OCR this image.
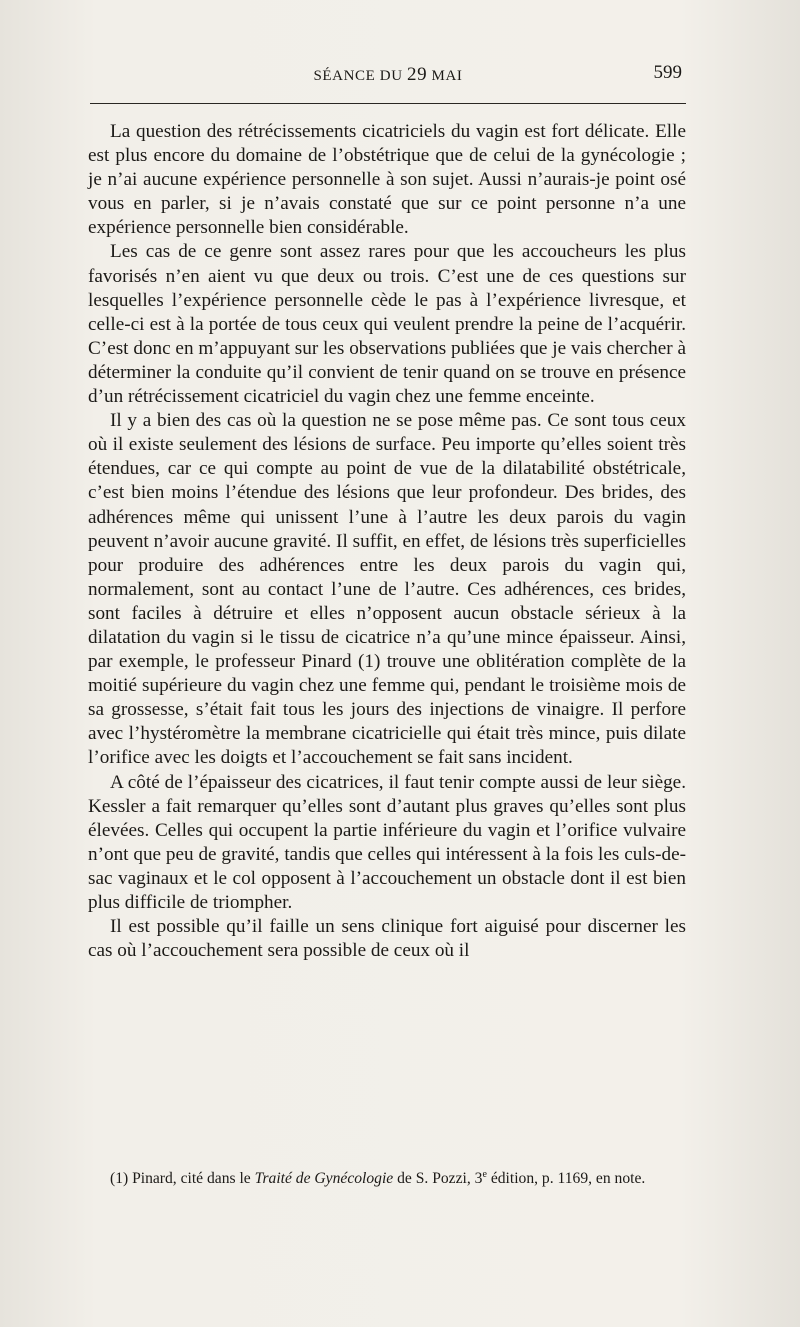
SÉANCE DU 29 MAI	599

La question des rétrécissements cicatriciels du vagin est fort délicate. Elle est plus encore du domaine de l’obstétrique que de celui de la gynécologie ; je n’ai aucune expérience personnelle à son sujet. Aussi n’aurais-je point osé vous en parler, si je n’avais constaté que sur ce point personne n’a une expérience personnelle bien considérable.

Les cas de ce genre sont assez rares pour que les accoucheurs les plus favorisés n’en aient vu que deux ou trois. C’est une de ces questions sur lesquelles l’expérience personnelle cède le pas à l’expérience livresque, et celle-ci est à la portée de tous ceux qui veulent prendre la peine de l’acquérir. C’est donc en m’appuyant sur les observations publiées que je vais chercher à déterminer la conduite qu’il convient de tenir quand on se trouve en présence d’un rétrécissement cicatriciel du vagin chez une femme enceinte.

Il y a bien des cas où la question ne se pose même pas. Ce sont tous ceux où il existe seulement des lésions de surface. Peu importe qu’elles soient très étendues, car ce qui compte au point de vue de la dilatabilité obstétricale, c’est bien moins l’étendue des lésions que leur profondeur. Des brides, des adhérences même qui unissent l’une à l’autre les deux parois du vagin peuvent n’avoir aucune gravité. Il suffit, en effet, de lésions très superficielles pour produire des adhérences entre les deux parois du vagin qui, normalement, sont au contact l’une de l’autre. Ces adhérences, ces brides, sont faciles à détruire et elles n’opposent aucun obstacle sérieux à la dilatation du vagin si le tissu de cicatrice n’a qu’une mince épaisseur. Ainsi, par exemple, le professeur Pinard (1) trouve une oblitération complète de la moitié supérieure du vagin chez une femme qui, pendant le troisième mois de sa grossesse, s’était fait tous les jours des injections de vinaigre. Il perfore avec l’hystéromètre la membrane cicatricielle qui était très mince, puis dilate l’orifice avec les doigts et l’accouchement se fait sans incident.

A côté de l’épaisseur des cicatrices, il faut tenir compte aussi de leur siège. Kessler a fait remarquer qu’elles sont d’autant plus graves qu’elles sont plus élevées. Celles qui occupent la partie inférieure du vagin et l’orifice vulvaire n’ont que peu de gravité, tandis que celles qui intéressent à la fois les culs-de-sac vaginaux et le col opposent à l’accouchement un obstacle dont il est bien plus difficile de triompher.

Il est possible qu’il faille un sens clinique fort aiguisé pour discerner les cas où l’accouchement sera possible de ceux où il

(1) Pinard, cité dans le Traité de Gynécologie de S. Pozzi, 3e édition, p. 1169, en note.
